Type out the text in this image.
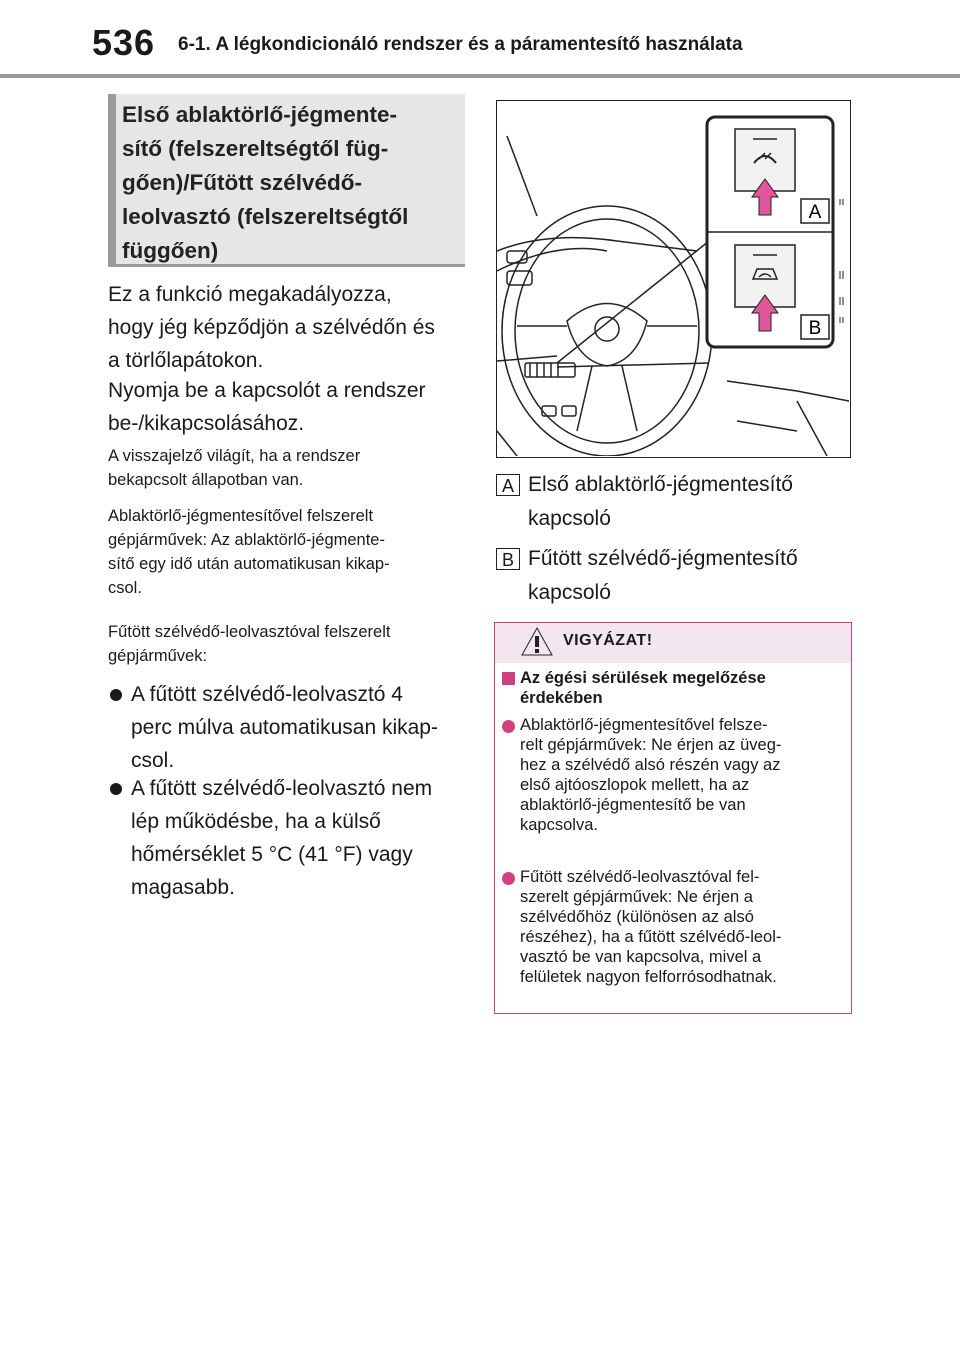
536 6-1. A légkondicionáló rendszer és a páramentesítő használata
Első ablaktörlő-jégmente-
sítő (felszereltségtől füg-
gően)/Fűtött szélvédő-
leolvasztó (felszereltségtől
függően)
Ez a funkció megakadályozza,
hogy jég képződjön a szélvédőn és
a törlőlapátokon.
Nyomja be a kapcsolót a rendszer
be-/kikapcsolásához.
A visszajelző világít, ha a rendszer
bekapcsolt állapotban van.
Ablaktörlő-jégmentesítővel felszerelt
gépjárművek: Az ablaktörlő-jégmente-
sítő egy idő után automatikusan kikap-
csol.
Fűtött szélvédő-leolvasztóval felszerelt
gépjárművek:
A fűtött szélvédő-leolvasztó 4
perc múlva automatikusan kikap-
csol.
A fűtött szélvédő-leolvasztó nem
lép működésbe, ha a külső
hőmérséklet 5 °C (41 °F) vagy
magasabb.
A
B
A Első ablaktörlő-jégmentesítő
kapcsoló
B Fűtött szélvédő-jégmentesítő
kapcsoló
VIGYÁZAT!
Az égési sérülések megelőzése
érdekében
Ablaktörlő-jégmentesítővel felsze-
relt gépjárművek: Ne érjen az üveg-
hez a szélvédő alsó részén vagy az
első ajtóoszlopok mellett, ha az
ablaktörlő-jégmentesítő be van
kapcsolva.
Fűtött szélvédő-leolvasztóval fel-
szerelt gépjárművek: Ne érjen a
szélvédőhöz (különösen az alsó
részéhez), ha a fűtött szélvédő-leol-
vasztó be van kapcsolva, mivel a
felületek nagyon felforrósodhatnak.
